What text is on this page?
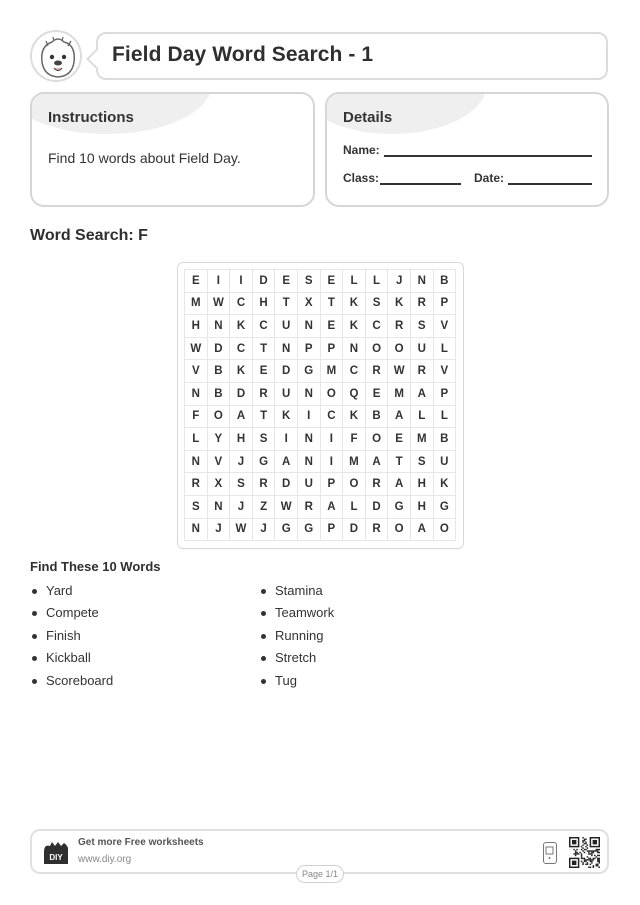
Field Day Word Search - 1
Instructions
Find 10 words about Field Day.
Details
Name:
Class:	Date:
Word Search: F
E	I	I	D	E	S	E	L	L	J	N	B
M	W	C	H	T	X	T	K	S	K	R	P
H	N	K	C	U	N	E	K	C	R	S	V
W	D	C	T	N	P	P	N	O	O	U	L
V	B	K	E	D	G	M	C	R	W	R	V
N	B	D	R	U	N	O	Q	E	M	A	P
F	O	A	T	K	I	C	K	B	A	L	L
L	Y	H	S	I	N	I	F	O	E	M	B
N	V	J	G	A	N	I	M	A	T	S	U
R	X	S	R	D	U	P	O	R	A	H	K
S	N	J	Z	W	R	A	L	D	G	H	G
N	J	W	J	G	G	P	D	R	O	A	O
Find These 10 Words
Yard
Compete
Finish
Kickball
Scoreboard
Stamina
Teamwork
Running
Stretch
Tug
DIY
Get more Free worksheets
www.diy.org
Page 1/1
